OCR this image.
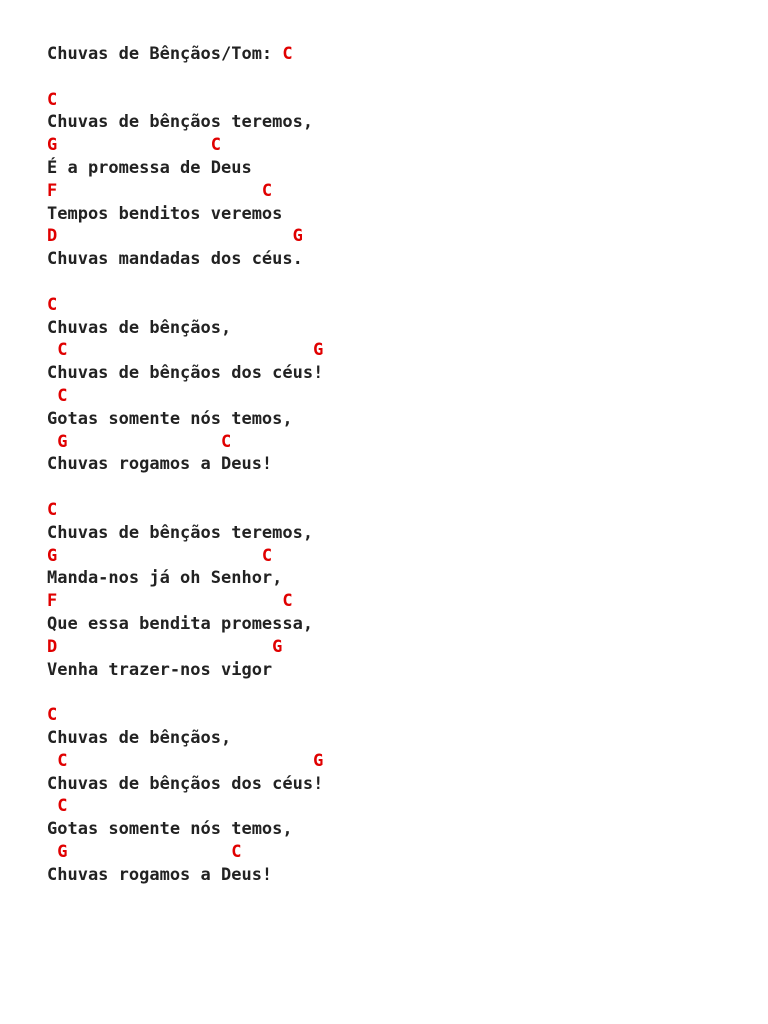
Chuvas de Bênçãos/Tom: C
C
Chuvas de bênçãos teremos,
G               C
É a promessa de Deus
F                    C
Tempos benditos veremos
D                       G
Chuvas mandadas dos céus.
C
Chuvas de bênçãos,
C                        G
Chuvas de bênçãos dos céus!
C
Gotas somente nós temos,
G               C
Chuvas rogamos a Deus!
C
Chuvas de bênçãos teremos,
G                    C
Manda-nos já oh Senhor,
F                      C
Que essa bendita promessa,
D                     G
Venha trazer-nos vigor
C
Chuvas de bênçãos,
C                        G
Chuvas de bênçãos dos céus!
C
Gotas somente nós temos,
G                C
Chuvas rogamos a Deus!
